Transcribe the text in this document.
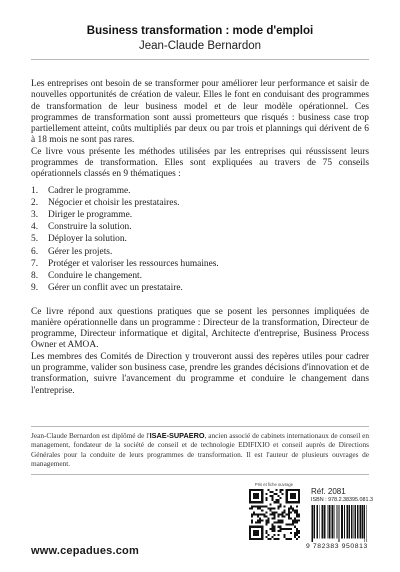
Business transformation : mode d'emploi
Jean-Claude Bernardon

Les entreprises ont besoin de se transformer pour améliorer leur performance et saisir de nouvelles opportunités de création de valeur. Elles le font en conduisant des programmes de transformation de leur business model et de leur modèle opérationnel. Ces programmes de transformation sont aussi prometteurs que risqués : business case trop partiellement atteint, coûts multipliés par deux ou par trois et plannings qui dérivent de 6 à 18 mois ne sont pas rares.

Ce livre vous présente les méthodes utilisées par les entreprises qui réussissent leurs programmes de transformation. Elles sont expliquées au travers de 75 conseils opérationnels classés en 9 thématiques :

1. Cadrer le programme.
2. Négocier et choisir les prestataires.
3. Diriger le programme.
4. Construire la solution.
5. Déployer la solution.
6. Gérer les projets.
7. Protéger et valoriser les ressources humaines.
8. Conduire le changement.
9. Gérer un conflit avec un prestataire.

Ce livre répond aux questions pratiques que se posent les personnes impliquées de manière opérationnelle dans un programme : Directeur de la transformation, Directeur de programme, Directeur informatique et digital, Architecte d'entreprise, Business Process Owner et AMOA.

Les membres des Comités de Direction y trouveront aussi des repères utiles pour cadrer un programme, valider son business case, prendre les grandes décisions d'innovation et de transformation, suivre l'avancement du programme et conduire le changement dans l'entreprise.

Jean-Claude Bernardon est diplômé de l'ISAE-SUPAERO, ancien associé de cabinets internationaux de conseil en management, fondateur de la société de conseil et de technologie EDIFIXIO et conseil auprès de Directions Générales pour la conduite de leurs programmes de transformation. Il est l'auteur de plusieurs ouvrages de management.
Pris et fiche ouvrage
www.cepadues.com
Réf. 2081
ISBN : 978.2.38395.081.3
9 782383 950813
